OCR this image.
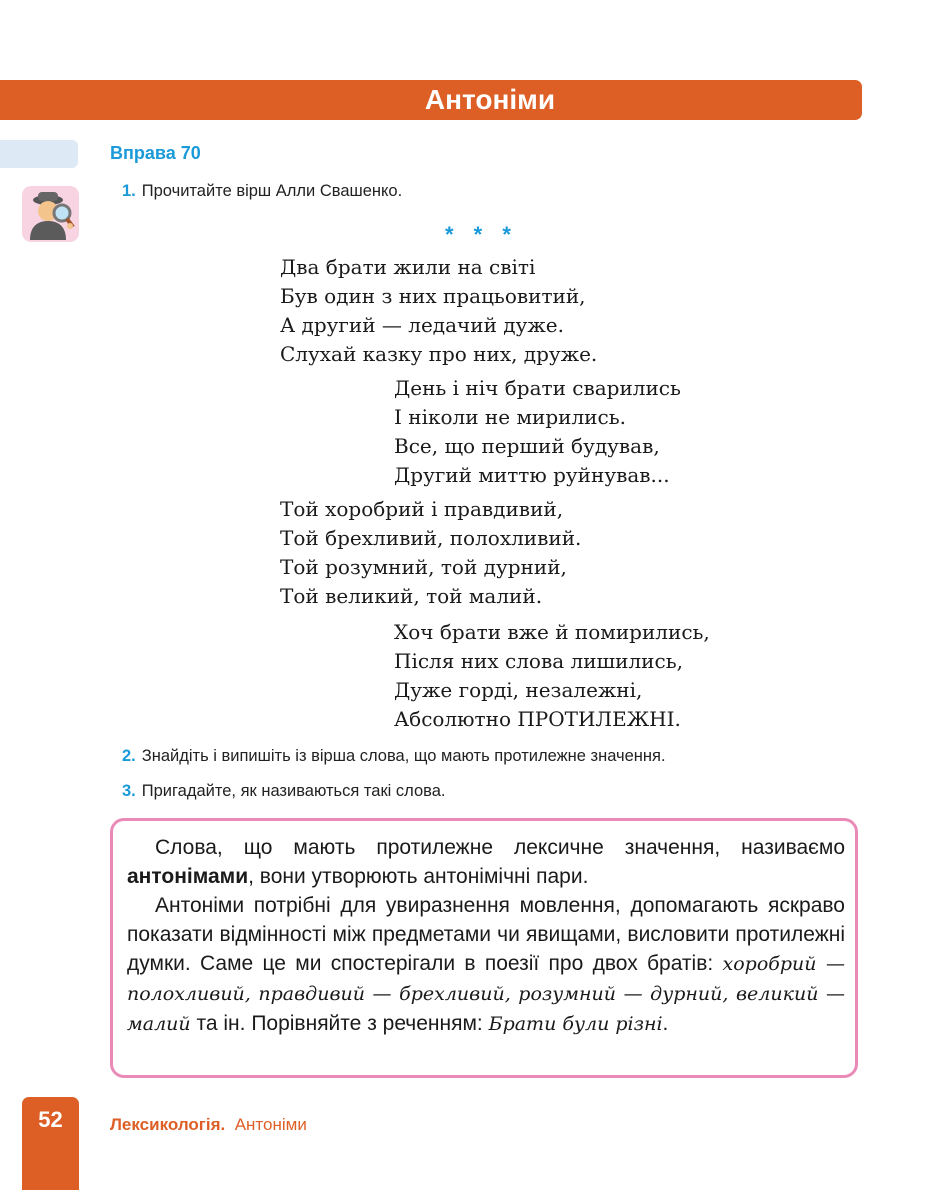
Антоніми
Вправа 70
1. Прочитайте вірш Алли Свашенко.
* * *
Два брати жили на світі
Був один з них працьовитий,
А другий — ледачий дуже.
Слухай казку про них, друже.
День і ніч брати сварились
І ніколи не мирились.
Все, що перший будував,
Другий миттю руйнував...
Той хоробрий і правдивий,
Той брехливий, полохливий.
Той розумний, той дурний,
Той великий, той малий.
Хоч брати вже й помирились,
Після них слова лишились,
Дуже горді, незалежні,
Абсолютно ПРОТИЛЕЖНІ.
2. Знайдіть і випишіть із вірша слова, що мають протилежне значення.
3. Пригадайте, як називаються такі слова.

Слова, що мають протилежне лексичне значення, називаємо антонімами, вони утворюють антонімічні пари.

Антоніми потрібні для увиразнення мовлення, допомагають яскраво показати відмінності між предметами чи явищами, висловити протилежні думки. Саме це ми спостерігали в поезії про двох братів: хоробрий — полохливий, правдивий — брехливий, розумний — дурний, великий — малий та ін. Порівняйте з реченням: Брати були різні.

52	Лексикологія. Антоніми
